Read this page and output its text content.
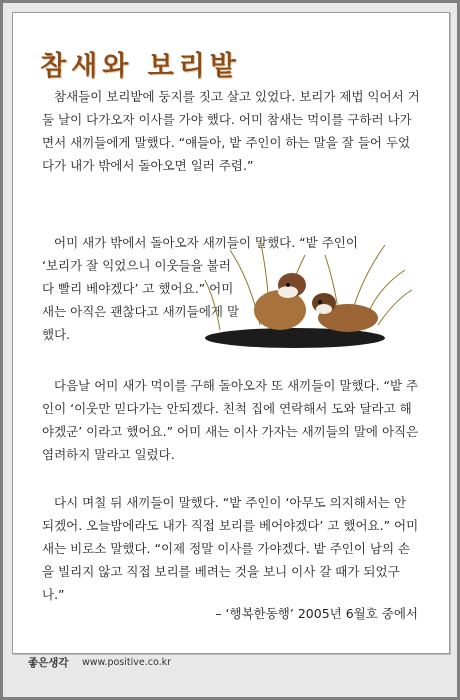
참새와 보리밭
참새들이 보리밭에 둥지를 짓고 살고 있었다. 보리가 제법 익어서 거둘 날이 다가오자 이사를 가야 했다. 어미 참새는 먹이를 구하러 나가면서 새끼들에게 말했다. “얘들아, 밭 주인이 하는 말을 잘 들어 두었다가 내가 밖에서 돌아오면 일러 주렴.”
어미 새가 밖에서 돌아오자 새끼들이 말했다. “밭 주인이
‘보리가 잘 익었으니 이웃들을 불러다 빨리 베야겠다’ 고 했어요.” 어미 새는 아직은 괜찮다고 새끼들에게 말했다.
다음날 어미 새가 먹이를 구해 돌아오자 또 새끼들이 말했다. “밭 주인이 ‘이웃만 믿다가는 안되겠다. 친척 집에 연락해서 도와 달라고 해야겠군’ 이라고 했어요.” 어미 새는 이사 가자는 새끼들의 말에 아직은 염려하지 말라고 일렀다.
다시 며칠 뒤 새끼들이 말했다. “밭 주인이 ‘아무도 의지해서는 안 되겠어. 오늘밤에라도 내가 직접 보리를 베어야겠다’ 고 했어요.” 어미 새는 비로소 말했다. “이제 정말 이사를 가야겠다. 밭 주인이 남의 손을 빌리지 않고 직접 보리를 베려는 것을 보니 이사 갈 때가 되었구나.”
– ‘행복한동행’ 2005년 6월호 중에서
좋은생각 www.positive.co.kr
